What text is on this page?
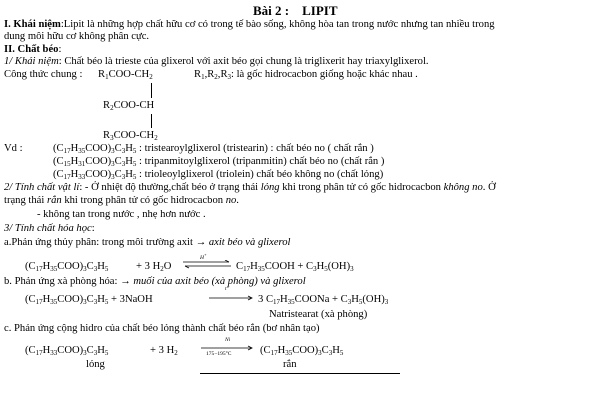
Bài 2 :    LIPIT
I. Khái niệm:Lipit là những hợp chất hữu cơ có trong tế bào sống, không hòa tan trong nước nhưng tan nhiều trong
dung môi hữu cơ không phân cực.
II. Chất béo:
1/ Khái niệm: Chất béo là trieste của glixerol với axit béo gọi chung là triglixerit hay triaxylglixerol.
Công thức chung : $R_1COO-CH_2$	$R_1,R_2,R_3$: là gốc hidrocacbon giống hoặc khác nhau .
$R_2COO-CH$
$R_3COO-CH_2$
Vd :	$(C_{17}H_{35}COO)_3C_3H_5$ : tristearoylglixerol (tristearin) : chất béo no ( chất rắn )
$(C_{15}H_{31}COO)_3C_3H_5$ : tripanmitoylglixerol (tripanmitin) chất béo no (chất rắn )
$(C_{17}H_{33}COO)_3C_3H_5$ : trioleoylglixerol (triolein) chất béo không no (chất lỏng)
2/ Tính chất vật lí: - Ở nhiệt độ thường,chất béo ở trạng thái lỏng khi trong phân tử có gốc hidrocacbon không no. Ở
trạng thái rắn khi trong phân tử có gốc hidrocacbon no.
- không tan trong nước , nhẹ hơn nước .
3/ Tính chất hóa học:
a.Phản ứng thủy phân: trong môi trường axit → axit béo và glixerol
$(C_{17}H_{35}COO)_3C_3H_5$	+ 3 $H_2O$
H+
$C_{17}H_{35}COOH + C_3H_5(OH)_3$
b. Phản ứng xà phòng hóa: → muối của axit béo (xà phòng) và glixerol
$(C_{17}H_{35}COO)_3C_3H_5$ + 3NaOH
t°
3 $C_{17}H_{35}COONa + C_3H_5(OH)_3$
Natristearat (xà phòng)
c. Phản ứng cộng hidro của chất béo lỏng thành chất béo rắn (bơ nhân tạo)
$(C_{17}H_{33}COO)_3C_3H_5$	+ 3 $H_2$
Ni
175−195°C	$(C_{17}H_{35}COO)_3C_3H_5$
lỏng	rắn
